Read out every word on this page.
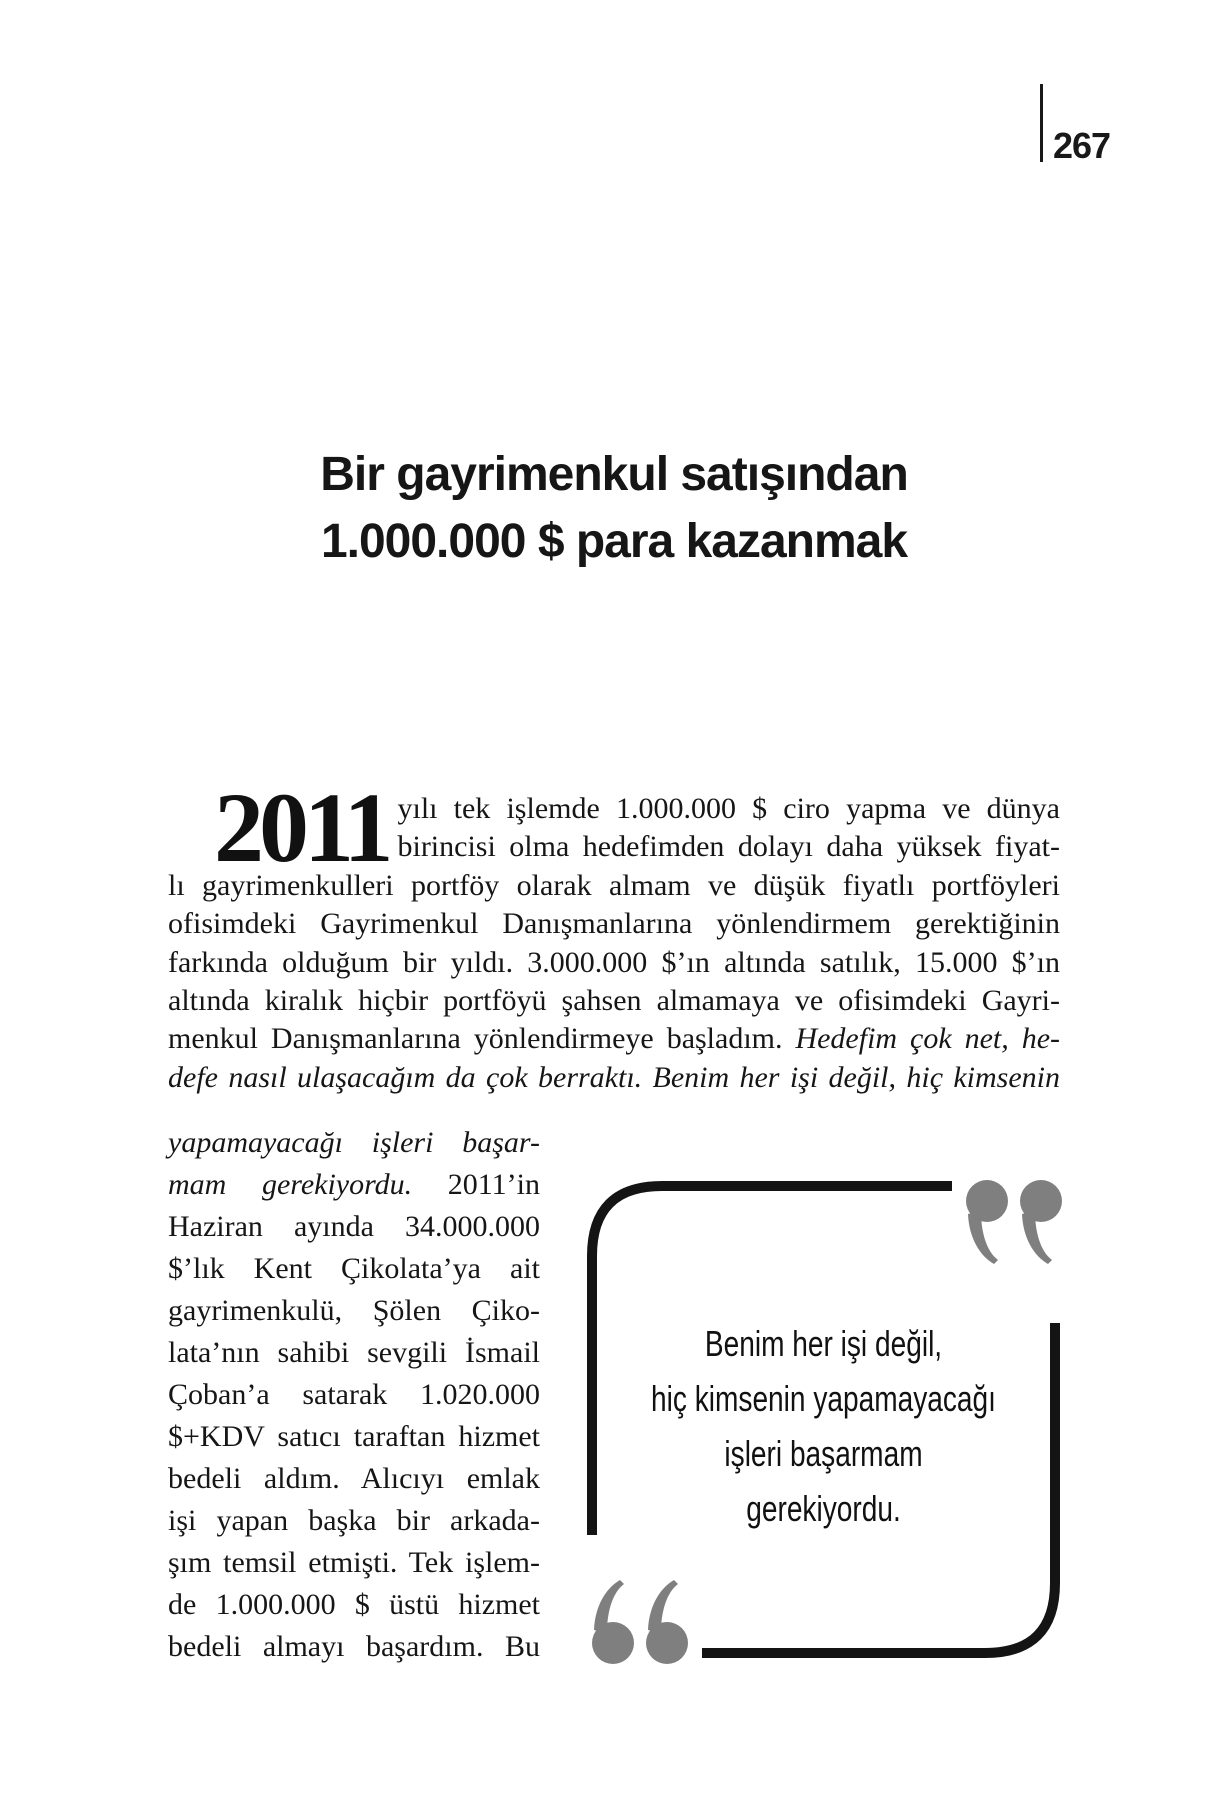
267
Bir gayrimenkul satışından
1.000.000 $ para kazanmak
2011 yılı tek işlemde 1.000.000 $ ciro yapma ve dünya
birincisi olma hedefimden dolayı daha yüksek fiyat-
lı gayrimenkulleri portföy olarak almam ve düşük fiyatlı portföyleri
ofisimdeki Gayrimenkul Danışmanlarına yönlendirmem gerektiğinin
farkında olduğum bir yıldı. 3.000.000 $’ın altında satılık, 15.000 $’ın
altında kiralık hiçbir portföyü şahsen almamaya ve ofisimdeki Gayri-
menkul Danışmanlarına yönlendirmeye başladım. Hedefim çok net, he-
defe nasıl ulaşacağım da çok berraktı. Benim her işi değil, hiç kimsenin
yapamayacağı işleri başar-
mam gerekiyordu. 2011’in
Haziran ayında 34.000.000
$’lık Kent Çikolata’ya ait
gayrimenkulü, Şölen Çiko-
lata’nın sahibi sevgili İsmail
Çoban’a satarak 1.020.000
$+KDV satıcı taraftan hizmet
bedeli aldım. Alıcıyı emlak
işi yapan başka bir arkada-
şım temsil etmişti. Tek işlem-
de 1.000.000 $ üstü hizmet
bedeli almayı başardım. Bu
Benim her işi değil,
hiç kimsenin yapamayacağı
işleri başarmam
gerekiyordu.
